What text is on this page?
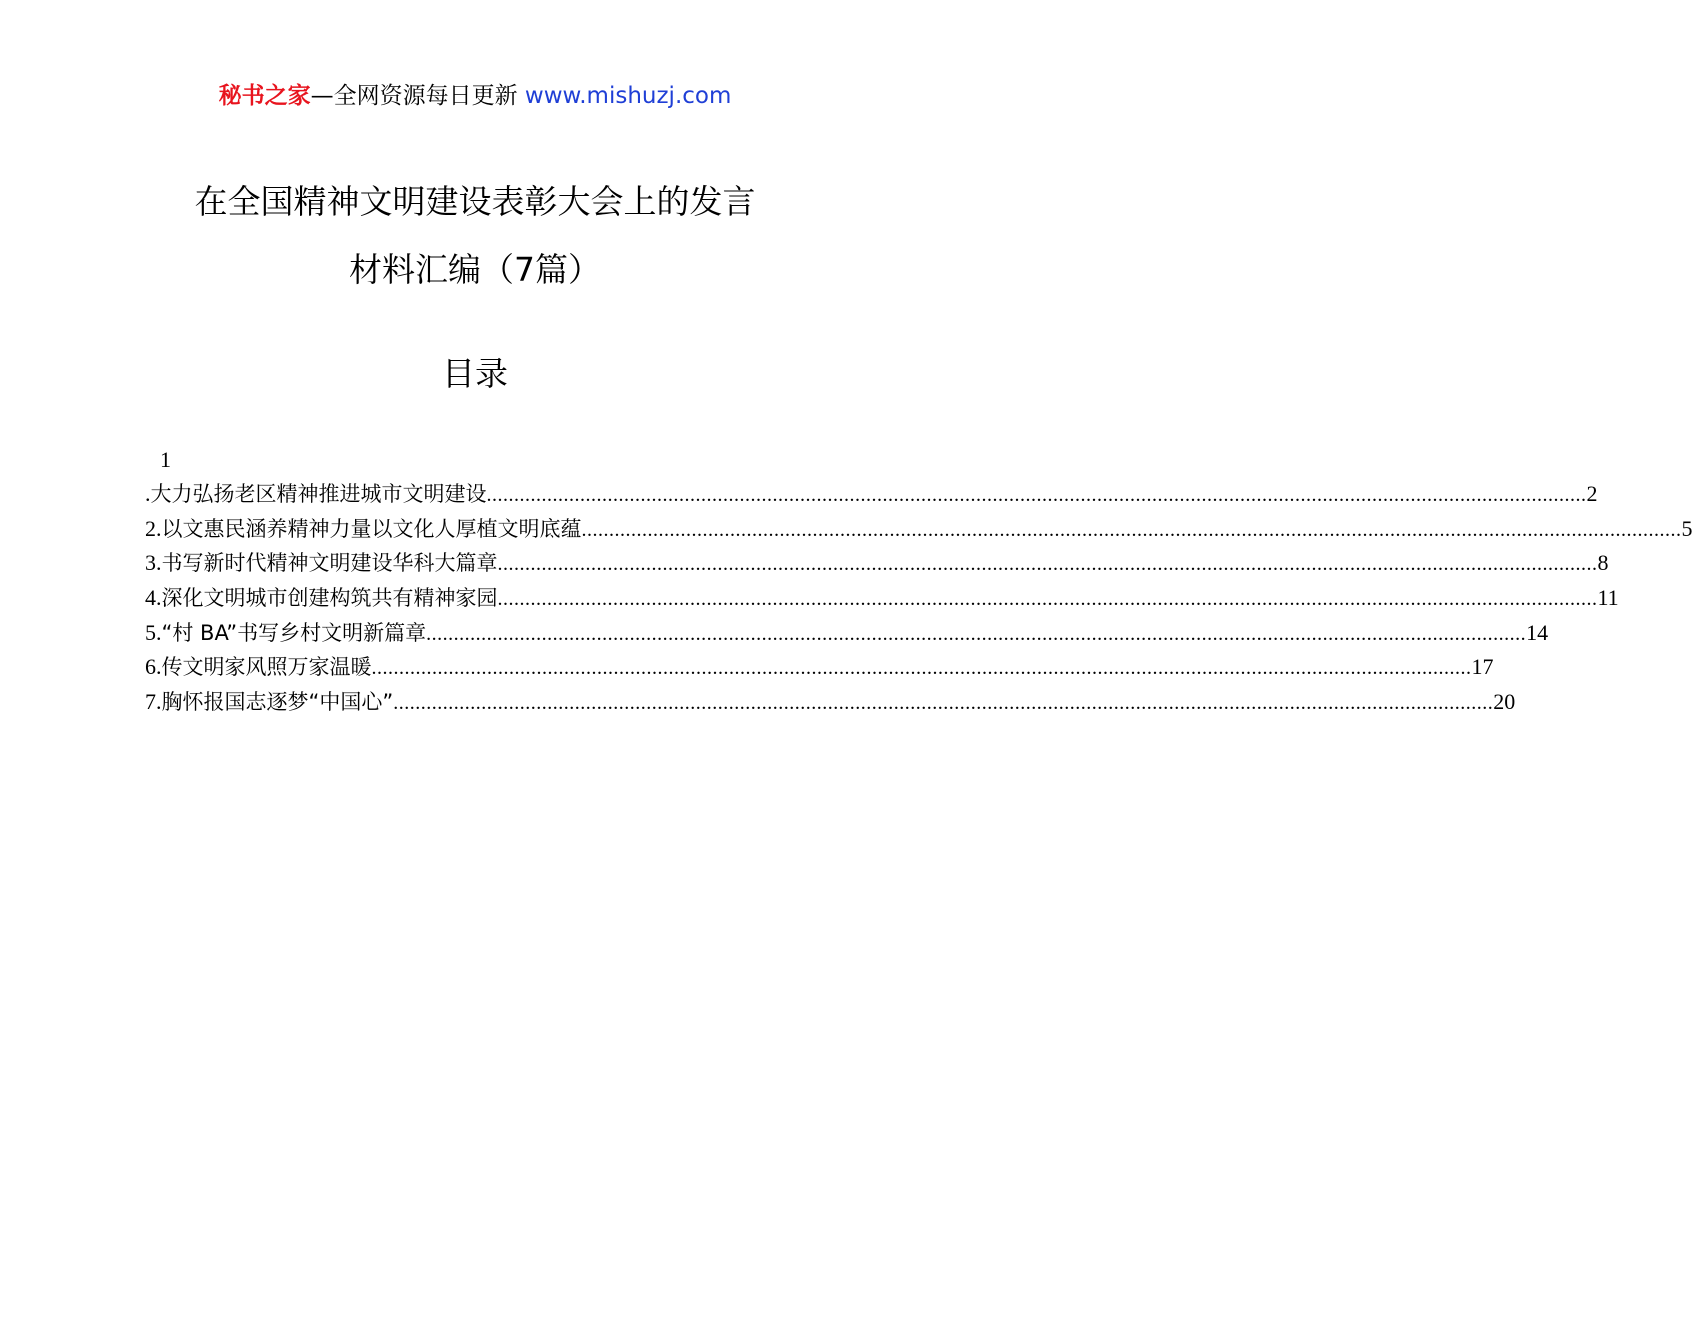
秘书之家—全网资源每日更新 www.mishuzj.com
在全国精神文明建设表彰大会上的发言
材料汇编（7篇）
目录
1
.大力弘扬老区精神推进城市文明建设 ........................................................................................................................................................................................................ 2
2.以文惠民涵养精神力量以文化人厚植文明底蕴 ........................................................................................................................................................................................................ 5
3.书写新时代精神文明建设华科大篇章 ........................................................................................................................................................................................................ 8
4.深化文明城市创建构筑共有精神家园 ........................................................................................................................................................................................................ 11
5.“村 BA”书写乡村文明新篇章 ........................................................................................................................................................................................................ 14
6.传文明家风照万家温暖 ........................................................................................................................................................................................................ 17
7.胸怀报国志逐梦“中国心” ........................................................................................................................................................................................................ 20
